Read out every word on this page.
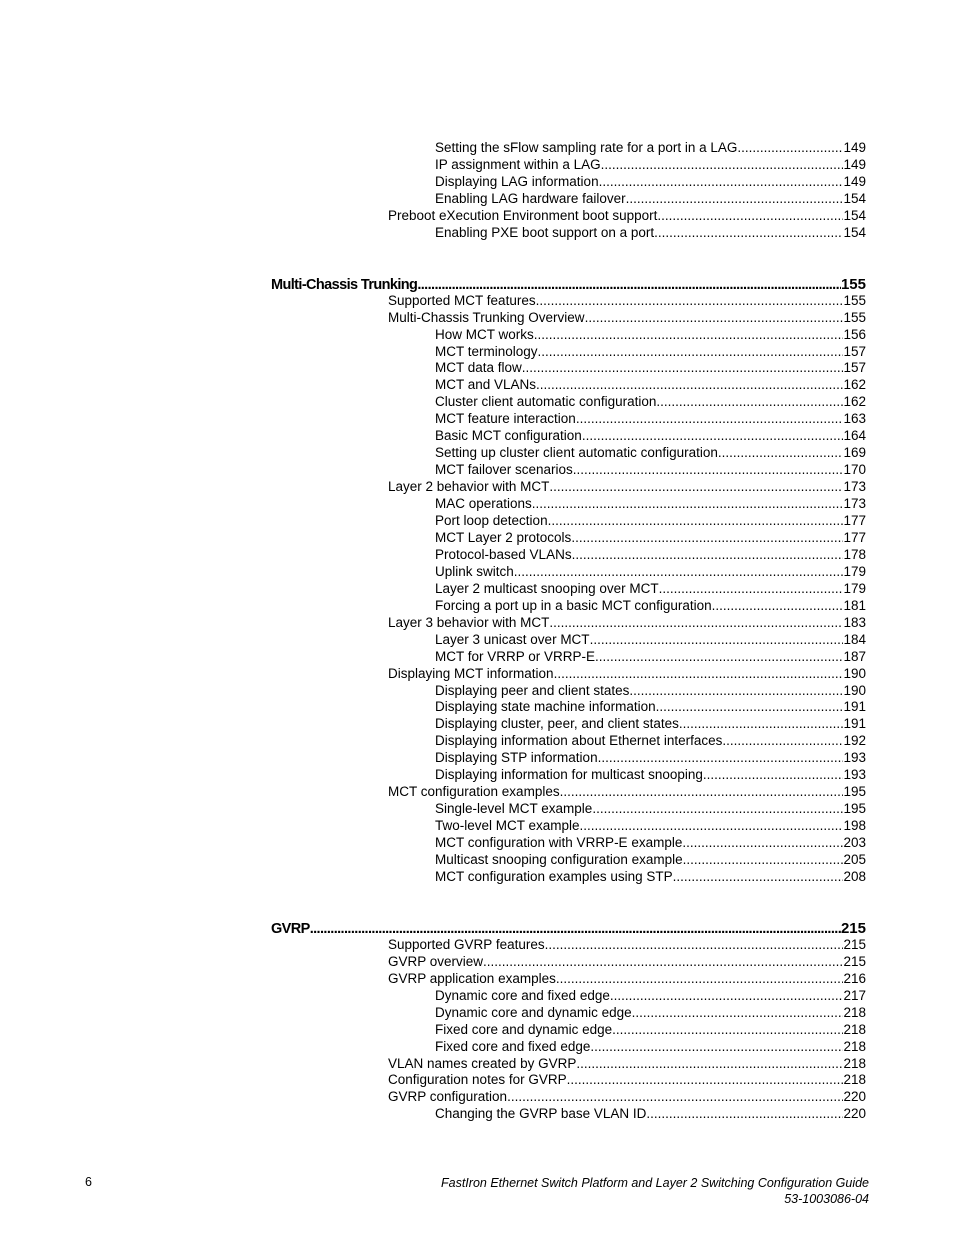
Setting the sFlow sampling rate for a port in a LAG .....	149
IP assignment within a LAG .....	149
Displaying LAG information .....	149
Enabling LAG hardware failover .....	154
Preboot eXecution Environment boot support .....	154
Enabling PXE boot support on a port .....	154
Multi-Chassis Trunking .....	155
Supported MCT features .....	155
Multi-Chassis Trunking Overview .....	155
How MCT works .....	156
MCT terminology .....	157
MCT data flow .....	157
MCT and VLANs .....	162
Cluster client automatic configuration .....	162
MCT feature interaction .....	163
Basic MCT configuration .....	164
Setting up cluster client automatic configuration .....	169
MCT failover scenarios .....	170
Layer 2 behavior with MCT .....	173
MAC operations .....	173
Port loop detection .....	177
MCT Layer 2 protocols .....	177
Protocol-based VLANs .....	178
Uplink switch .....	179
Layer 2 multicast snooping over MCT .....	179
Forcing a port up in a basic MCT configuration .....	181
Layer 3 behavior with MCT .....	183
Layer 3 unicast over MCT .....	184
MCT for VRRP or VRRP-E .....	187
Displaying MCT information .....	190
Displaying peer and client states .....	190
Displaying state machine information .....	191
Displaying cluster, peer, and client states .....	191
Displaying information about Ethernet interfaces .....	192
Displaying STP information .....	193
Displaying information for multicast snooping .....	193
MCT configuration examples .....	195
Single-level MCT example .....	195
Two-level MCT example .....	198
MCT configuration with VRRP-E example .....	203
Multicast snooping configuration example .....	205
MCT configuration examples using STP .....	208
GVRP .....	215
Supported GVRP features .....	215
GVRP overview .....	215
GVRP application examples .....	216
Dynamic core and fixed edge .....	217
Dynamic core and dynamic edge .....	218
Fixed core and dynamic edge .....	218
Fixed core and fixed edge .....	218
VLAN names created by GVRP .....	218
Configuration notes for GVRP .....	218
GVRP configuration .....	220
Changing the GVRP base VLAN ID .....	220
6	FastIron Ethernet Switch Platform and Layer 2 Switching Configuration Guide
53-1003086-04
